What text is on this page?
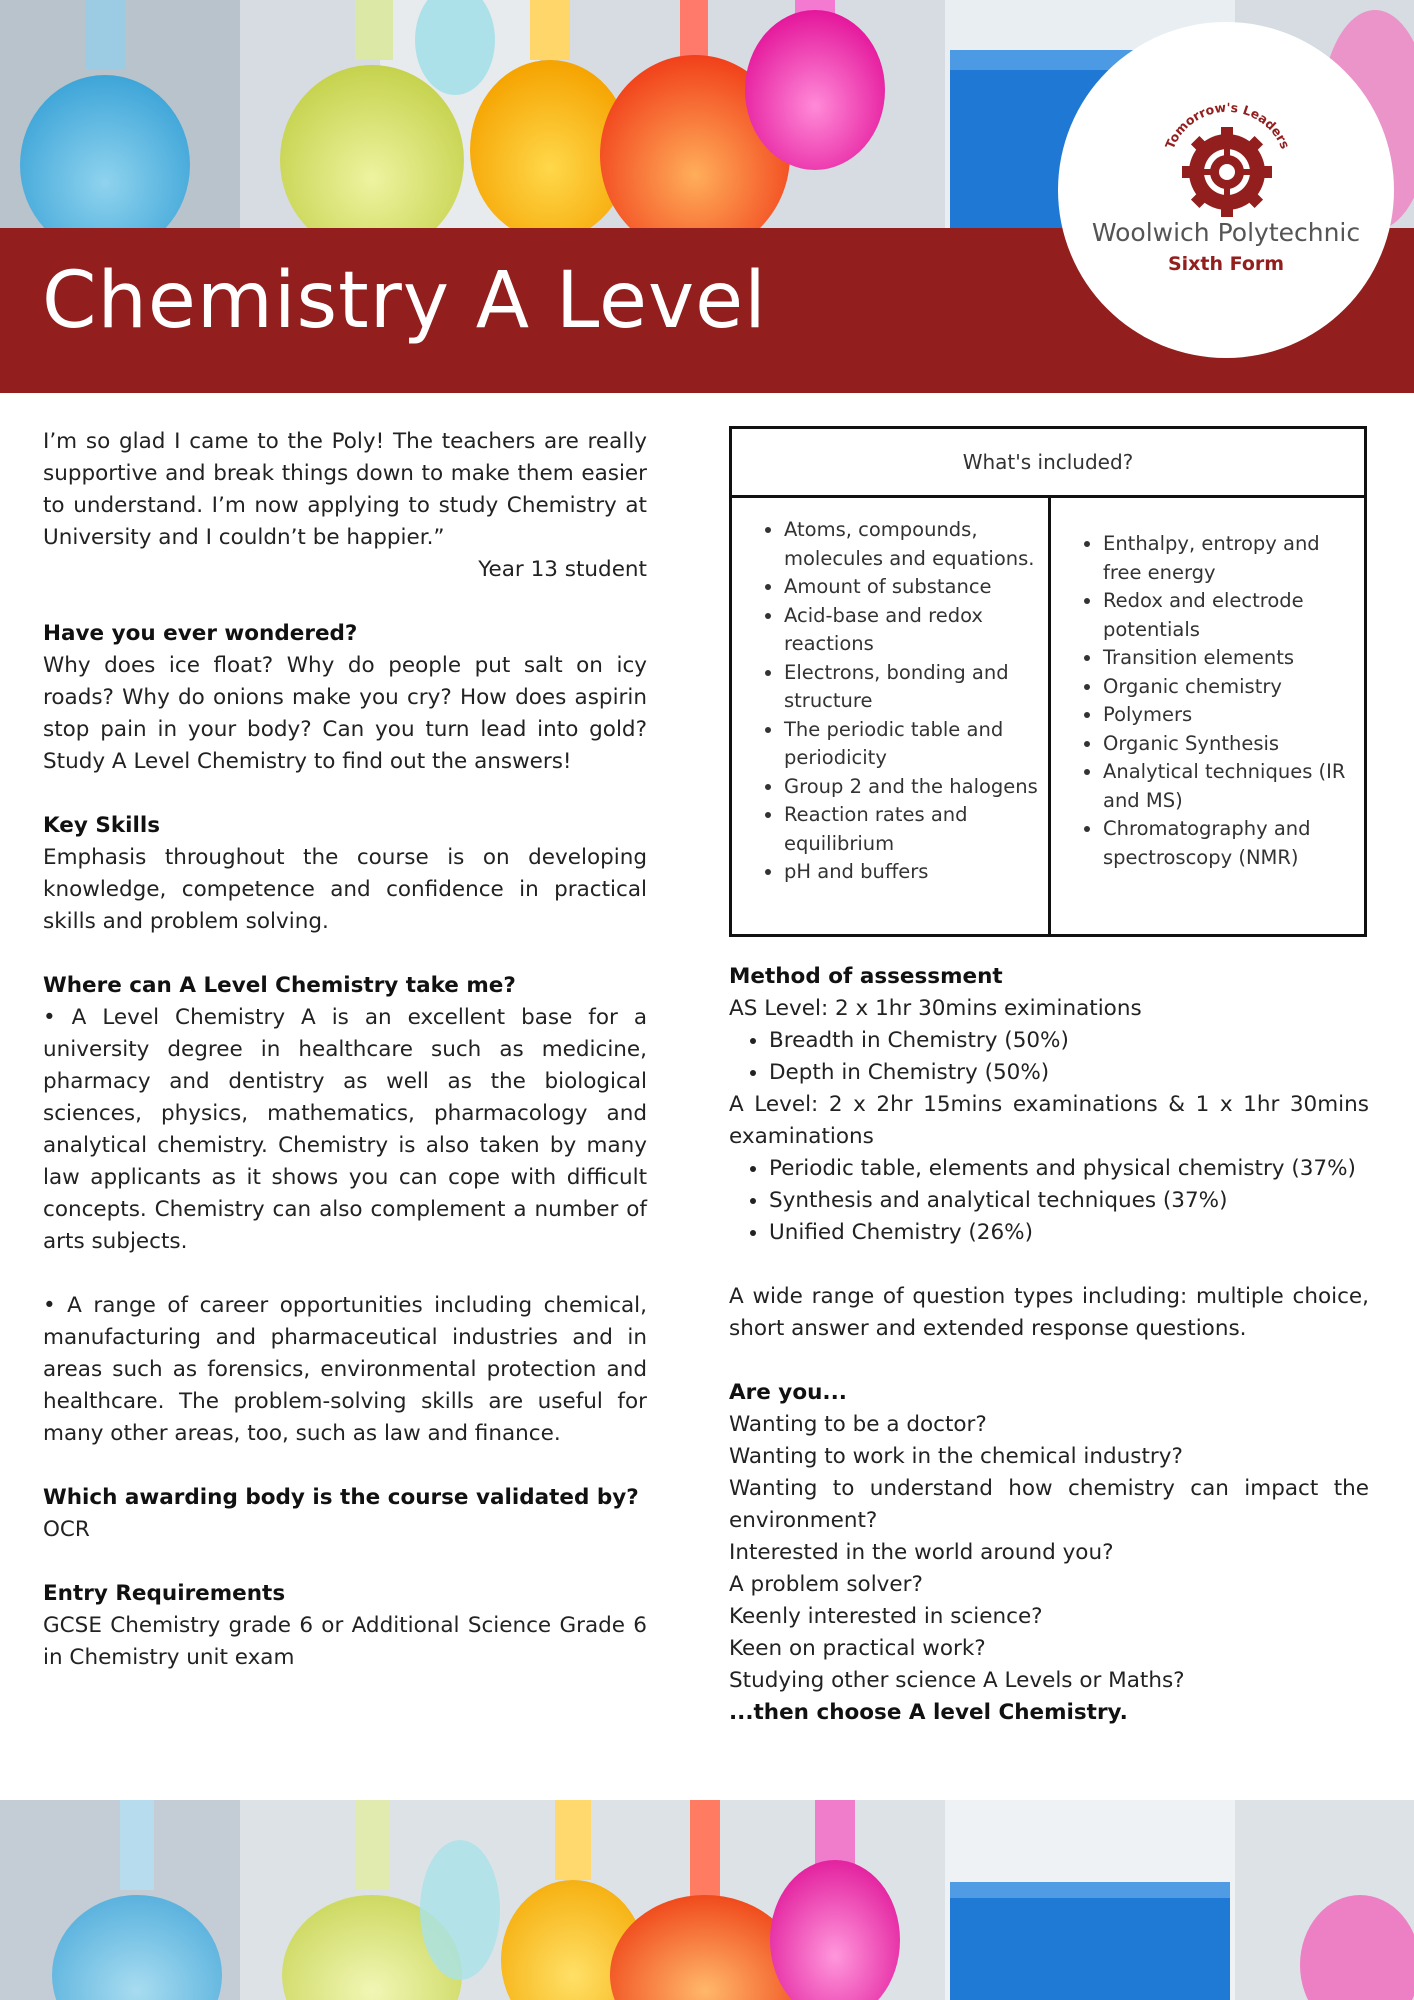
Chemistry A Level
Tomorrow's Leaders
Woolwich Polytechnic
Sixth Form

I’m so glad I came to the Poly! The teachers are really supportive and break things down to make them easier to understand. I’m now applying to study Chemistry at University and I couldn’t be happier.”

Year 13 student

Have you ever wondered?

Why does ice float? Why do people put salt on icy roads? Why do onions make you cry? How does aspirin stop pain in your body? Can you turn lead into gold? Study A Level Chemistry to find out the answers!

Key Skills

Emphasis throughout the course is on developing knowledge, competence and confidence in practical skills and problem solving.

Where can A Level Chemistry take me?

• A Level Chemistry A is an excellent base for a university degree in healthcare such as medicine, pharmacy and dentistry as well as the biological sciences, physics, mathematics, pharmacology and analytical chemistry. Chemistry is also taken by many law applicants as it shows you can cope with difficult concepts. Chemistry can also complement a number of arts subjects.

• A range of career opportunities including chemical, manufacturing and pharmaceutical industries and in areas such as forensics, environmental protection and healthcare. The problem-solving skills are useful for many other areas, too, such as law and finance.

Which awarding body is the course validated by?

OCR

Entry Requirements

GCSE Chemistry grade 6 or Additional Science Grade 6 in Chemistry unit exam

What's included?
• Atoms, compounds, molecules and equations.
• Amount of substance
• Acid-base and redox reactions
• Electrons, bonding and structure
• The periodic table and periodicity
• Group 2 and the halogens
• Reaction rates and equilibrium
• pH and buffers
• Enthalpy, entropy and free energy
• Redox and electrode potentials
• Transition elements
• Organic chemistry
• Polymers
• Organic Synthesis
• Analytical techniques (IR and MS)
• Chromatography and spectroscopy (NMR)

Method of assessment

AS Level: 2 x 1hr 30mins eximinations

• Breadth in Chemistry (50%)
• Depth in Chemistry (50%)

A Level: 2 x 2hr 15mins examinations & 1 x 1hr 30mins examinations

• Periodic table, elements and physical chemistry (37%)
• Synthesis and analytical techniques (37%)
• Unified Chemistry (26%)

A wide range of question types including: multiple choice, short answer and extended response questions.

Are you...

Wanting to be a doctor?

Wanting to work in the chemical industry?

Wanting to understand how chemistry can impact the environment?

Interested in the world around you?

A problem solver?

Keenly interested in science?

Keen on practical work?

Studying other science A Levels or Maths?

...then choose A level Chemistry.
